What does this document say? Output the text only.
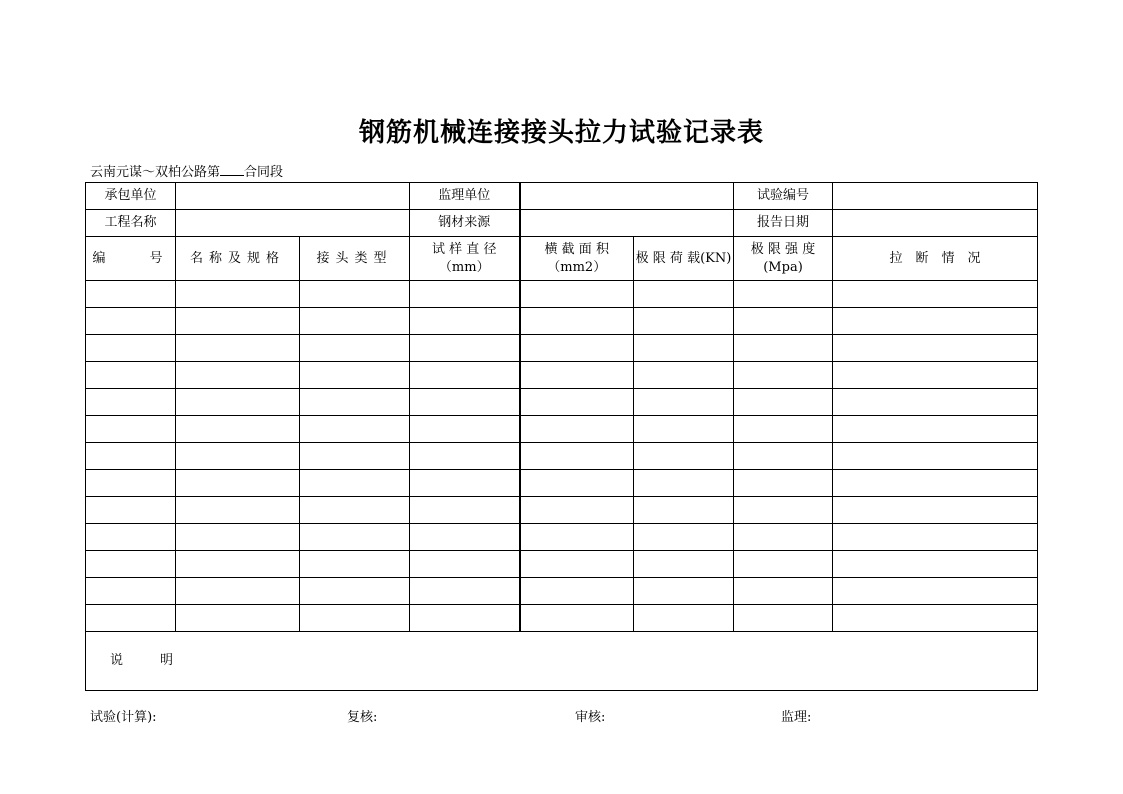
钢筋机械连接接头拉力试验记录表
云南元谋～双柏公路第 合同段
承包单位			监理单位			试验编号	
工程名称			钢材来源			报告日期	
编　　号	名称及规格	接头类型	试 样 直 径（mm）	横 截 面 积（mm2）	极 限 荷 载(KN)	极 限 强 度(Mpa)	拉　断　情　况

说　明							
试验(计算):	复核:	审核:	监理:
